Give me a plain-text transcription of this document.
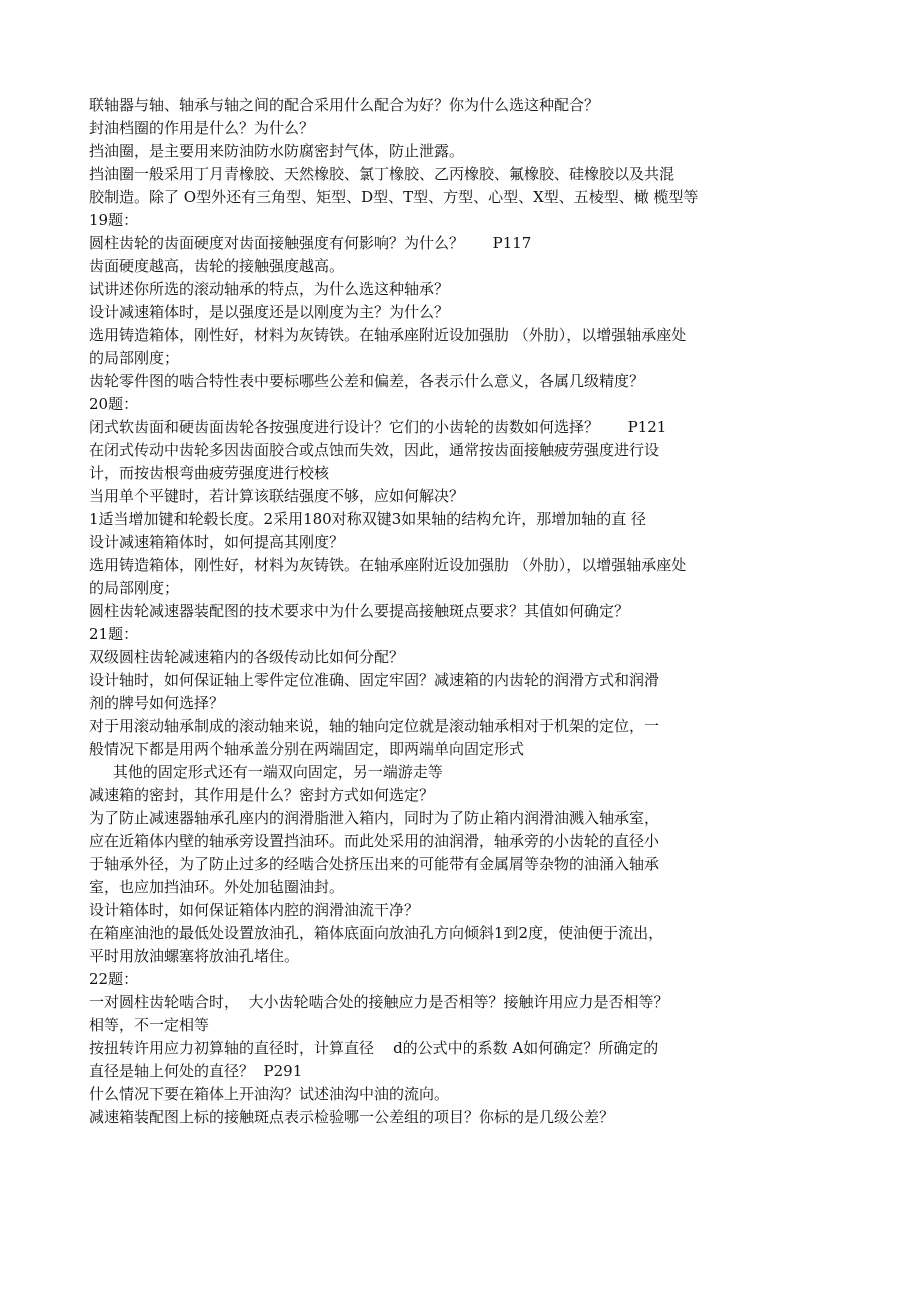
联轴器与轴、轴承与轴之间的配合采用什么配合为好？你为什么选这种配合？
封油档圈的作用是什么？为什么？
挡油圈，是主要用来防油防水防腐密封气体，防止泄露。
挡油圈一般采用丁月青橡胶、天然橡胶、氯丁橡胶、乙丙橡胶、氟橡胶、硅橡胶以及共混
胶制造。除了 O型外还有三角型、矩型、D型、T型、方型、心型、X型、五棱型、橄 榄型等
19题：
圆柱齿轮的齿面硬度对齿面接触强度有何影响？为什么？      P117
齿面硬度越高，齿轮的接触强度越高。
试讲述你所选的滚动轴承的特点，为什么选这种轴承？
设计减速箱体时，是以强度还是以刚度为主？为什么？
选用铸造箱体，刚性好，材料为灰铸铁。在轴承座附近设加强肋 （外肋），以增强轴承座处
的局部刚度；
齿轮零件图的啮合特性表中要标哪些公差和偏差，各表示什么意义，各属几级精度？
20题：
闭式软齿面和硬齿面齿轮各按强度进行设计？它们的小齿轮的齿数如何选择？      P121
在闭式传动中齿轮多因齿面胶合或点蚀而失效，因此，通常按齿面接触疲劳强度进行设
计，而按齿根弯曲疲劳强度进行校核
当用单个平键时，若计算该联结强度不够，应如何解决？
1适当增加键和轮毂长度。2采用180对称双键3如果轴的结构允许，那增加轴的直 径
设计减速箱箱体时，如何提高其刚度？
选用铸造箱体，刚性好，材料为灰铸铁。在轴承座附近设加强肋 （外肋），以增强轴承座处
的局部刚度；
圆柱齿轮减速器装配图的技术要求中为什么要提高接触斑点要求？其值如何确定？
21题：
双级圆柱齿轮减速箱内的各级传动比如何分配？
设计轴时，如何保证轴上零件定位准确、固定牢固？减速箱的内齿轮的润滑方式和润滑
剂的牌号如何选择？
对于用滚动轴承制成的滚动轴来说，轴的轴向定位就是滚动轴承相对于机架的定位，一
般情况下都是用两个轴承盖分别在两端固定，即两端单向固定形式
其他的固定形式还有一端双向固定，另一端游走等
减速箱的密封，其作用是什么？密封方式如何选定？
为了防止减速器轴承孔座内的润滑脂泄入箱内，同时为了防止箱内润滑油溅入轴承室，
应在近箱体内壁的轴承旁设置挡油环。而此处采用的油润滑，轴承旁的小齿轮的直径小
于轴承外径，为了防止过多的经啮合处挤压出来的可能带有金属屑等杂物的油涌入轴承
室，也应加挡油环。外处加毡圈油封。
设计箱体时，如何保证箱体内腔的润滑油流干净？
在箱座油池的最低处设置放油孔，箱体底面向放油孔方向倾斜1到2度，使油便于流出，
平时用放油螺塞将放油孔堵住。
22题：
一对圆柱齿轮啮合时，  大小齿轮啮合处的接触应力是否相等？接触许用应力是否相等？
相等，不一定相等
按扭转许用应力初算轴的直径时，计算直径    d的公式中的系数 A如何确定？所确定的
直径是轴上何处的直径？  P291
什么情况下要在箱体上开油沟？试述油沟中油的流向。
减速箱装配图上标的接触斑点表示检验哪一公差组的项目？你标的是几级公差？
